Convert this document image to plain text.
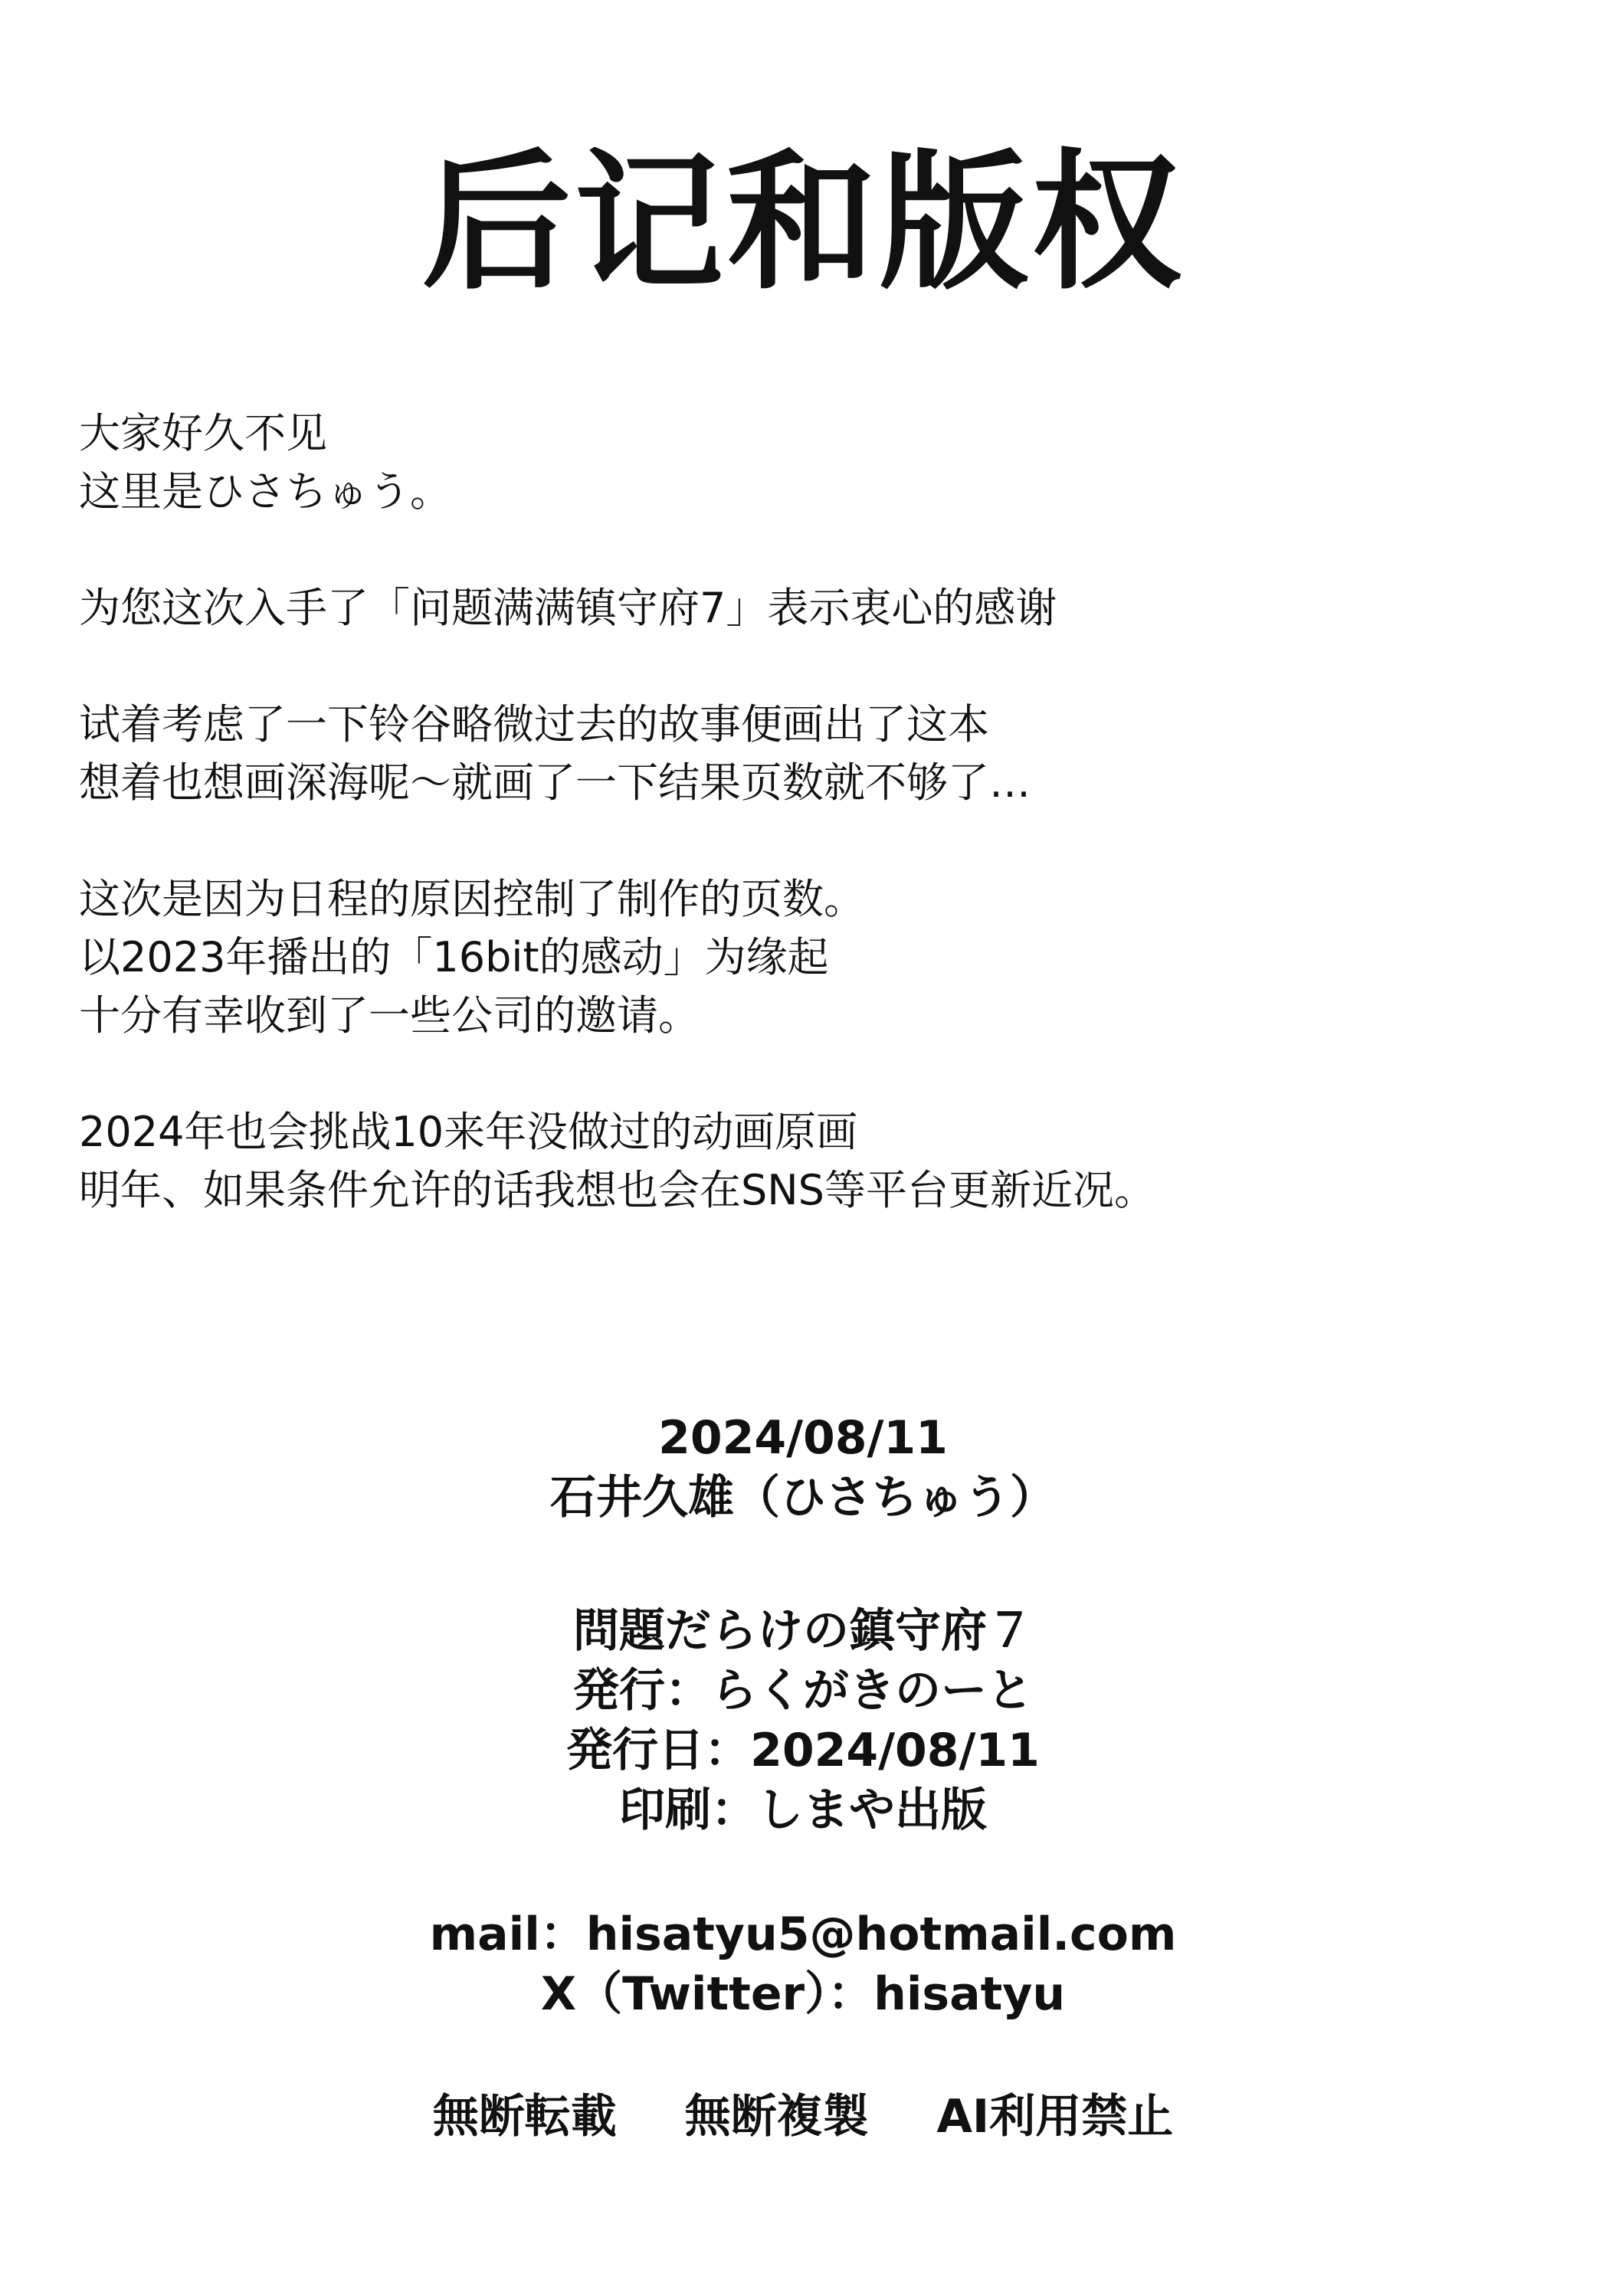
后记和版权
大家好久不见
这里是ひさちゅう。
为您这次入手了「问题满满镇守府7」表示衷心的感谢
试着考虑了一下铃谷略微过去的故事便画出了这本
想着也想画深海呢～就画了一下结果页数就不够了…
这次是因为日程的原因控制了制作的页数。
以2023年播出的「16bit的感动」为缘起
十分有幸收到了一些公司的邀请。
2024年也会挑战10来年没做过的动画原画
明年、如果条件允许的话我想也会在SNS等平台更新近况。
2024/08/11
石井久雄（ひさちゅう）
問題だらけの鎮守府７
発行：らくがきのーと
発行日：2024/08/11
印刷：しまや出版
mail：hisatyu5@hotmail.com
X（Twitter）：hisatyu
無断転載 無断複製 AI利用禁止
